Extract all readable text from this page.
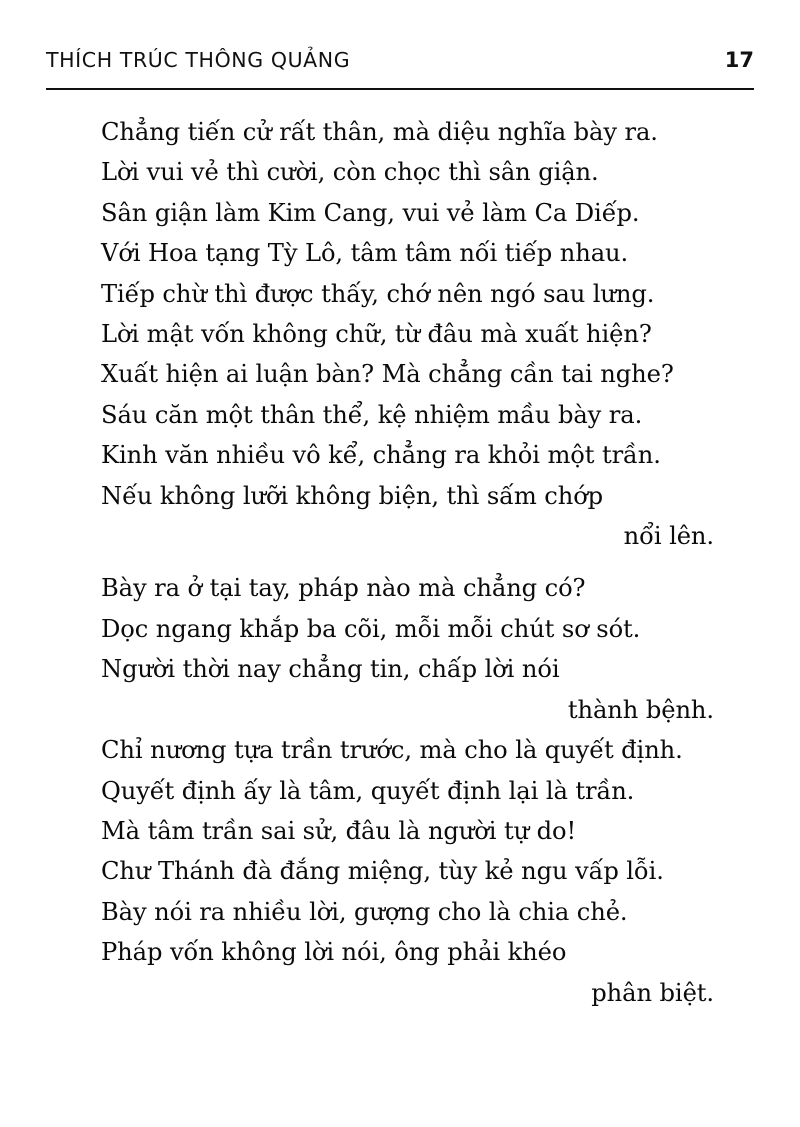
THÍCH TRÚC THÔNG QUẢNG	17
Chẳng tiến cử rất thân, mà diệu nghĩa bày ra.
Lời vui vẻ thì cười, còn chọc thì sân giận.
Sân giận làm Kim Cang, vui vẻ làm Ca Diếp.
Với Hoa tạng Tỳ Lô, tâm tâm nối tiếp nhau.
Tiếp chừ thì được thấy, chớ nên ngó sau lưng.
Lời mật vốn không chữ, từ đâu mà xuất hiện?
Xuất hiện ai luận bàn? Mà chẳng cần tai nghe?
Sáu căn một thân thể, kệ nhiệm mầu bày ra.
Kinh văn nhiều vô kể, chẳng ra khỏi một trần.
Nếu không lưỡi không biện, thì sấm chớp
nổi lên.
Bày ra ở tại tay, pháp nào mà chẳng có?
Dọc ngang khắp ba cõi, mỗi mỗi chút sơ sót.
Người thời nay chẳng tin, chấp lời nói
thành bệnh.
Chỉ nương tựa trần trước, mà cho là quyết định.
Quyết định ấy là tâm, quyết định lại là trần.
Mà tâm trần sai sử, đâu là người tự do!
Chư Thánh đà đắng miệng, tùy kẻ ngu vấp lỗi.
Bày nói ra nhiều lời, gượng cho là chia chẻ.
Pháp vốn không lời nói, ông phải khéo
phân biệt.
